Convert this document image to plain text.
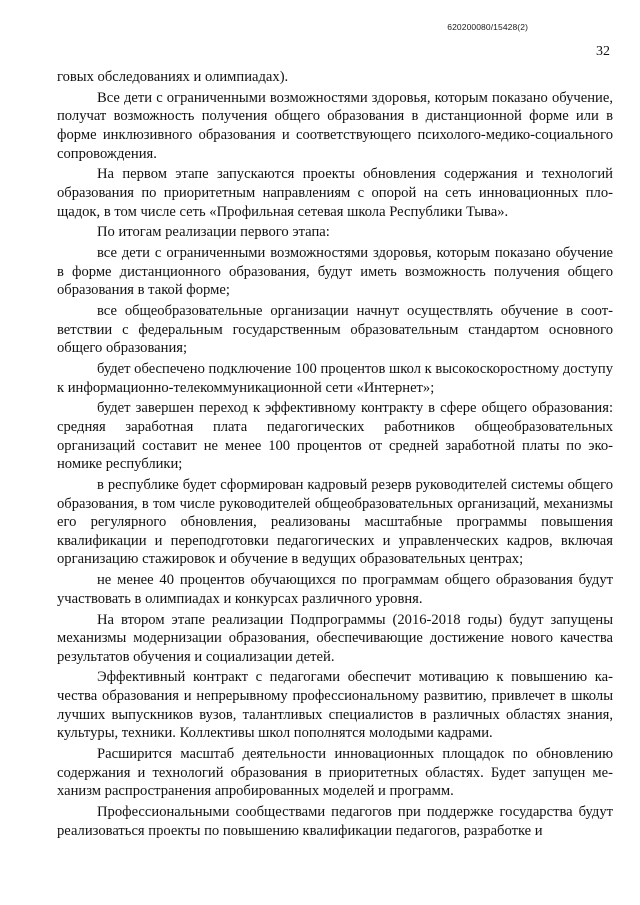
620200080/15428(2)
32

говых обследованиях и олимпиадах).

Все дети с ограниченными возможностями здоровья, которым показано обучение, получат возможность получения общего образования в дистанционной форме или в форме инклюзивного образования и соответствующего психолого-медико-социального сопровождения.

На первом этапе запускаются проекты обновления содержания и технологий образования по приоритетным направлениям с опорой на сеть инновационных площадок, в том числе сеть «Профильная сетевая школа Республики Тыва».

По итогам реализации первого этапа:

все дети с ограниченными возможностями здоровья, которым показано обучение в форме дистанционного образования, будут иметь возможность получения общего образования в такой форме;

все общеобразовательные организации начнут осуществлять обучение в соответствии с федеральным государственным образовательным стандартом основного общего образования;

будет обеспечено подключение 100 процентов школ к высокоскоростному доступу к информационно-телекоммуникационной сети «Интернет»;

будет завершен переход к эффективному контракту в сфере общего образования: средняя заработная плата педагогических работников общеобразовательных организаций составит не менее 100 процентов от средней заработной платы по экономике республики;

в республике будет сформирован кадровый резерв руководителей системы общего образования, в том числе руководителей общеобразовательных организаций, механизмы его регулярного обновления, реализованы масштабные программы повышения квалификации и переподготовки педагогических и управленческих кадров, включая организацию стажировок и обучение в ведущих образовательных центрах;

не менее 40 процентов обучающихся по программам общего образования будут участвовать в олимпиадах и конкурсах различного уровня.

На втором этапе реализации Подпрограммы (2016-2018 годы) будут запущены механизмы модернизации образования, обеспечивающие достижение нового качества результатов обучения и социализации детей.

Эффективный контракт с педагогами обеспечит мотивацию к повышению качества образования и непрерывному профессиональному развитию, привлечет в школы лучших выпускников вузов, талантливых специалистов в различных областях знания, культуры, техники. Коллективы школ пополнятся молодыми кадрами.

Расширится масштаб деятельности инновационных площадок по обновлению содержания и технологий образования в приоритетных областях. Будет запущен механизм распространения апробированных моделей и программ.

Профессиональными сообществами педагогов при поддержке государства будут реализоваться проекты по повышению квалификации педагогов, разработке и
